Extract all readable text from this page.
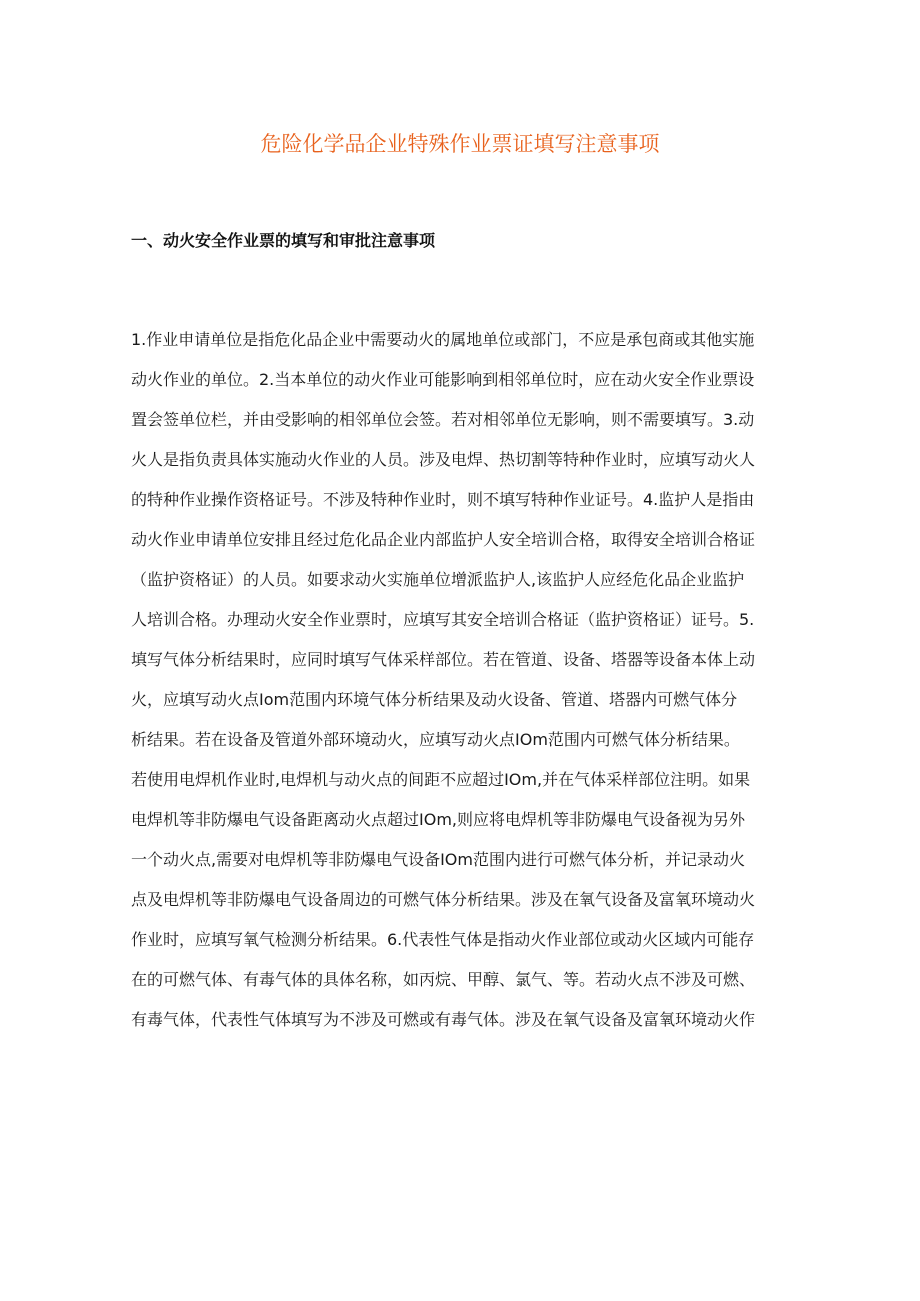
危险化学品企业特殊作业票证填写注意事项
一、动火安全作业票的填写和审批注意事项
1.作业申请单位是指危化品企业中需要动火的属地单位或部门，不应是承包商或其他实施
动火作业的单位。2.当本单位的动火作业可能影响到相邻单位时，应在动火安全作业票设
置会签单位栏，并由受影响的相邻单位会签。若对相邻单位无影响，则不需要填写。3.动
火人是指负责具体实施动火作业的人员。涉及电焊、热切割等特种作业时，应填写动火人
的特种作业操作资格证号。不涉及特种作业时，则不填写特种作业证号。4.监护人是指由
动火作业申请单位安排且经过危化品企业内部监护人安全培训合格，取得安全培训合格证
（监护资格证）的人员。如要求动火实施单位增派监护人,该监护人应经危化品企业监护
人培训合格。办理动火安全作业票时，应填写其安全培训合格证（监护资格证）证号。5.
填写气体分析结果时，应同时填写气体采样部位。若在管道、设备、塔器等设备本体上动
火，应填写动火点Iom范围内环境气体分析结果及动火设备、管道、塔器内可燃气体分
析结果。若在设备及管道外部环境动火，应填写动火点IOm范围内可燃气体分析结果。
若使用电焊机作业时,电焊机与动火点的间距不应超过IOm,并在气体采样部位注明。如果
电焊机等非防爆电气设备距离动火点超过IOm,则应将电焊机等非防爆电气设备视为另外
一个动火点,需要对电焊机等非防爆电气设备IOm范围内进行可燃气体分析，并记录动火
点及电焊机等非防爆电气设备周边的可燃气体分析结果。涉及在氧气设备及富氧环境动火
作业时，应填写氧气检测分析结果。6.代表性气体是指动火作业部位或动火区域内可能存
在的可燃气体、有毒气体的具体名称，如丙烷、甲醇、氯气、等。若动火点不涉及可燃、
有毒气体，代表性气体填写为不涉及可燃或有毒气体。涉及在氧气设备及富氧环境动火作
